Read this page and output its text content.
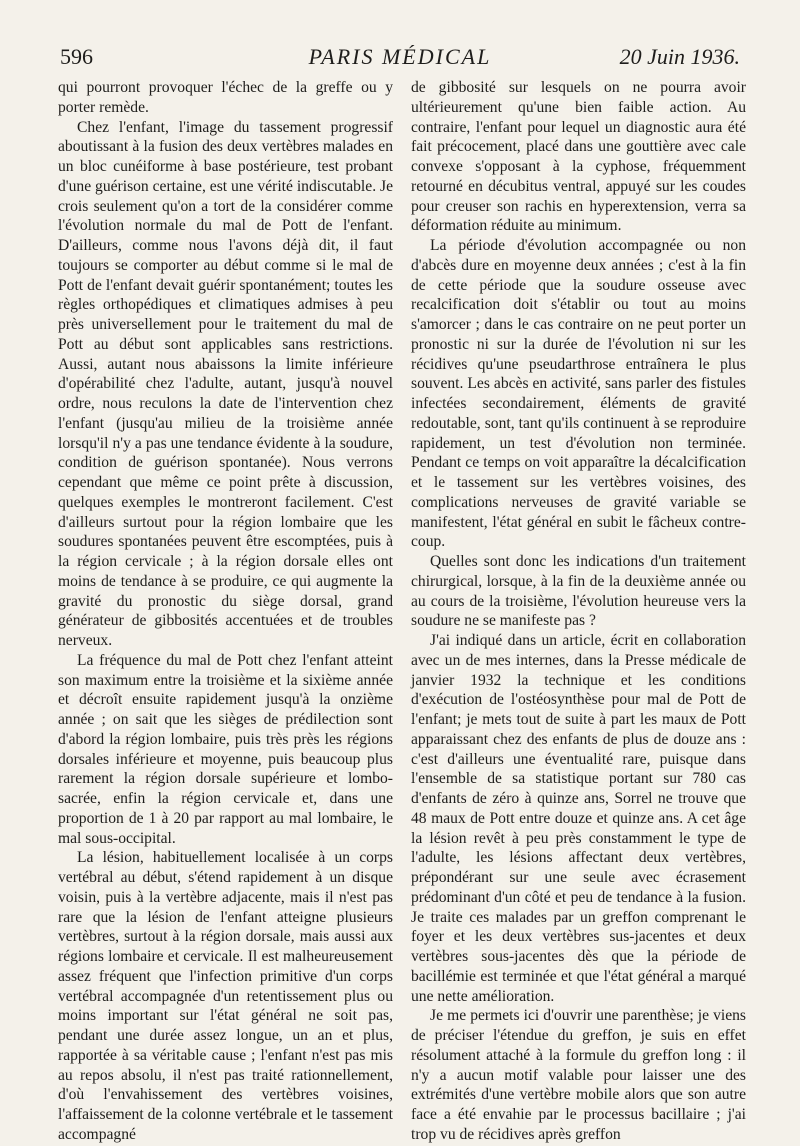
596	PARIS MÉDICAL	20 Juin 1936.

qui pourront provoquer l'échec de la greffe ou y porter remède.

Chez l'enfant, l'image du tassement progressif aboutissant à la fusion des deux vertèbres malades en un bloc cunéiforme à base postérieure, test probant d'une guérison certaine, est une vérité indiscutable. Je crois seulement qu'on a tort de la considérer comme l'évolution normale du mal de Pott de l'enfant. D'ailleurs, comme nous l'avons déjà dit, il faut toujours se comporter au début comme si le mal de Pott de l'enfant devait guérir spontanément; toutes les règles orthopédiques et climatiques admises à peu près universellement pour le traitement du mal de Pott au début sont applicables sans restrictions. Aussi, autant nous abaissons la limite inférieure d'opérabilité chez l'adulte, autant, jusqu'à nouvel ordre, nous reculons la date de l'intervention chez l'enfant (jusqu'au milieu de la troisième année lorsqu'il n'y a pas une tendance évidente à la soudure, condition de guérison spontanée). Nous verrons cependant que même ce point prête à discussion, quelques exemples le montreront facilement. C'est d'ailleurs surtout pour la région lombaire que les soudures spontanées peuvent être escomptées, puis à la région cervicale ; à la région dorsale elles ont moins de tendance à se produire, ce qui augmente la gravité du pronostic du siège dorsal, grand générateur de gibbosités accentuées et de troubles nerveux.

La fréquence du mal de Pott chez l'enfant atteint son maximum entre la troisième et la sixième année et décroît ensuite rapidement jusqu'à la onzième année ; on sait que les sièges de prédilection sont d'abord la région lombaire, puis très près les régions dorsales inférieure et moyenne, puis beaucoup plus rarement la région dorsale supérieure et lombo-sacrée, enfin la région cervicale et, dans une proportion de 1 à 20 par rapport au mal lombaire, le mal sous-occipital.

La lésion, habituellement localisée à un corps vertébral au début, s'étend rapidement à un disque voisin, puis à la vertèbre adjacente, mais il n'est pas rare que la lésion de l'enfant atteigne plusieurs vertèbres, surtout à la région dorsale, mais aussi aux régions lombaire et cervicale. Il est malheureusement assez fréquent que l'infection primitive d'un corps vertébral accompagnée d'un retentissement plus ou moins important sur l'état général ne soit pas, pendant une durée assez longue, un an et plus, rapportée à sa véritable cause ; l'enfant n'est pas mis au repos absolu, il n'est pas traité rationnellement, d'où l'envahissement des vertèbres voisines, l'affaissement de la colonne vertébrale et le tassement accompagné

de gibbosité sur lesquels on ne pourra avoir ultérieurement qu'une bien faible action. Au contraire, l'enfant pour lequel un diagnostic aura été fait précocement, placé dans une gouttière avec cale convexe s'opposant à la cyphose, fréquemment retourné en décubitus ventral, appuyé sur les coudes pour creuser son rachis en hyperextension, verra sa déformation réduite au minimum.

La période d'évolution accompagnée ou non d'abcès dure en moyenne deux années ; c'est à la fin de cette période que la soudure osseuse avec recalcification doit s'établir ou tout au moins s'amorcer ; dans le cas contraire on ne peut porter un pronostic ni sur la durée de l'évolution ni sur les récidives qu'une pseudarthrose entraînera le plus souvent. Les abcès en activité, sans parler des fistules infectées secondairement, éléments de gravité redoutable, sont, tant qu'ils continuent à se reproduire rapidement, un test d'évolution non terminée. Pendant ce temps on voit apparaître la décalcification et le tassement sur les vertèbres voisines, des complications nerveuses de gravité variable se manifestent, l'état général en subit le fâcheux contre-coup.

Quelles sont donc les indications d'un traitement chirurgical, lorsque, à la fin de la deuxième année ou au cours de la troisième, l'évolution heureuse vers la soudure ne se manifeste pas ?

J'ai indiqué dans un article, écrit en collaboration avec un de mes internes, dans la Presse médicale de janvier 1932 la technique et les conditions d'exécution de l'ostéosynthèse pour mal de Pott de l'enfant; je mets tout de suite à part les maux de Pott apparaissant chez des enfants de plus de douze ans : c'est d'ailleurs une éventualité rare, puisque dans l'ensemble de sa statistique portant sur 780 cas d'enfants de zéro à quinze ans, Sorrel ne trouve que 48 maux de Pott entre douze et quinze ans. A cet âge la lésion revêt à peu près constamment le type de l'adulte, les lésions affectant deux vertèbres, prépondérant sur une seule avec écrasement prédominant d'un côté et peu de tendance à la fusion. Je traite ces malades par un greffon comprenant le foyer et les deux vertèbres sus-jacentes et deux vertèbres sous-jacentes dès que la période de bacillémie est terminée et que l'état général a marqué une nette amélioration.

Je me permets ici d'ouvrir une parenthèse; je viens de préciser l'étendue du greffon, je suis en effet résolument attaché à la formule du greffon long : il n'y a aucun motif valable pour laisser une des extrémités d'une vertèbre mobile alors que son autre face a été envahie par le processus bacillaire ; j'ai trop vu de récidives après greffon
